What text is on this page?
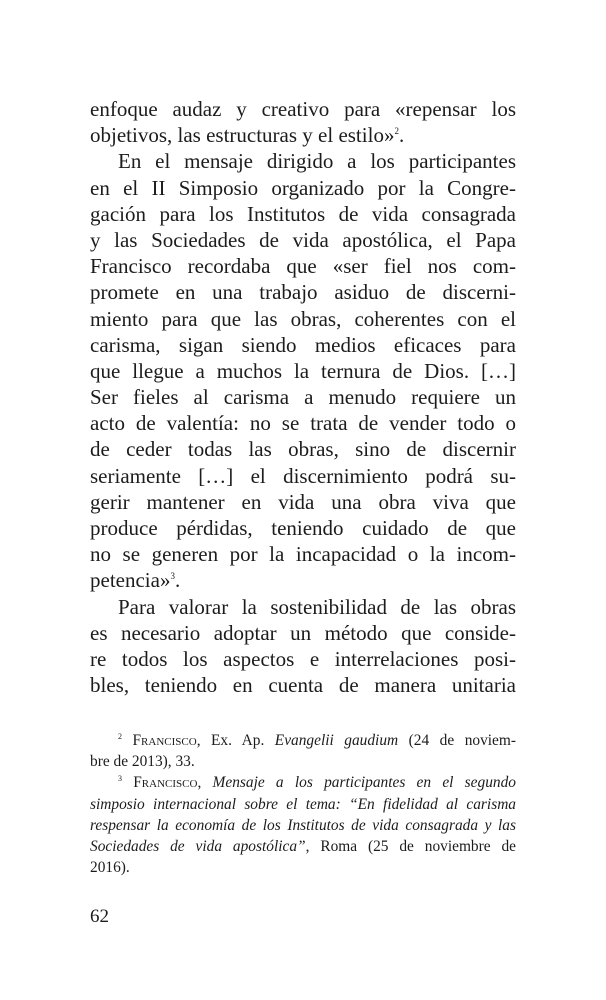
enfoque audaz y creativo para «repensar los
objetivos, las estructuras y el estilo»$^2$.
En el mensaje dirigido a los participantes
en el II Simposio organizado por la Congre-
gación para los Institutos de vida consagrada
y las Sociedades de vida apostólica, el Papa
Francisco recordaba que «ser fiel nos com-
promete en una trabajo asiduo de discerni-
miento para que las obras, coherentes con el
carisma, sigan siendo medios eficaces para
que llegue a muchos la ternura de Dios. […]
Ser fieles al carisma a menudo requiere un
acto de valentía: no se trata de vender todo o
de ceder todas las obras, sino de discernir
seriamente […] el discernimiento podrá su-
gerir mantener en vida una obra viva que
produce pérdidas, teniendo cuidado de que
no se generen por la incapacidad o la incom-
petencia»$^3$.
Para valorar la sostenibilidad de las obras
es necesario adoptar un método que conside-
re todos los aspectos e interrelaciones posi-
bles, teniendo en cuenta de manera unitaria
$^2$ Francisco, Ex. Ap. Evangelii gaudium (24 de noviem-
bre de 2013), 33.
$^3$ Francisco, Mensaje a los participantes en el segundo
simposio internacional sobre el tema: “En fidelidad al carisma
respensar la economía de los Institutos de vida consagrada y las
Sociedades de vida apostólica”, Roma (25 de noviembre de
2016).
62
